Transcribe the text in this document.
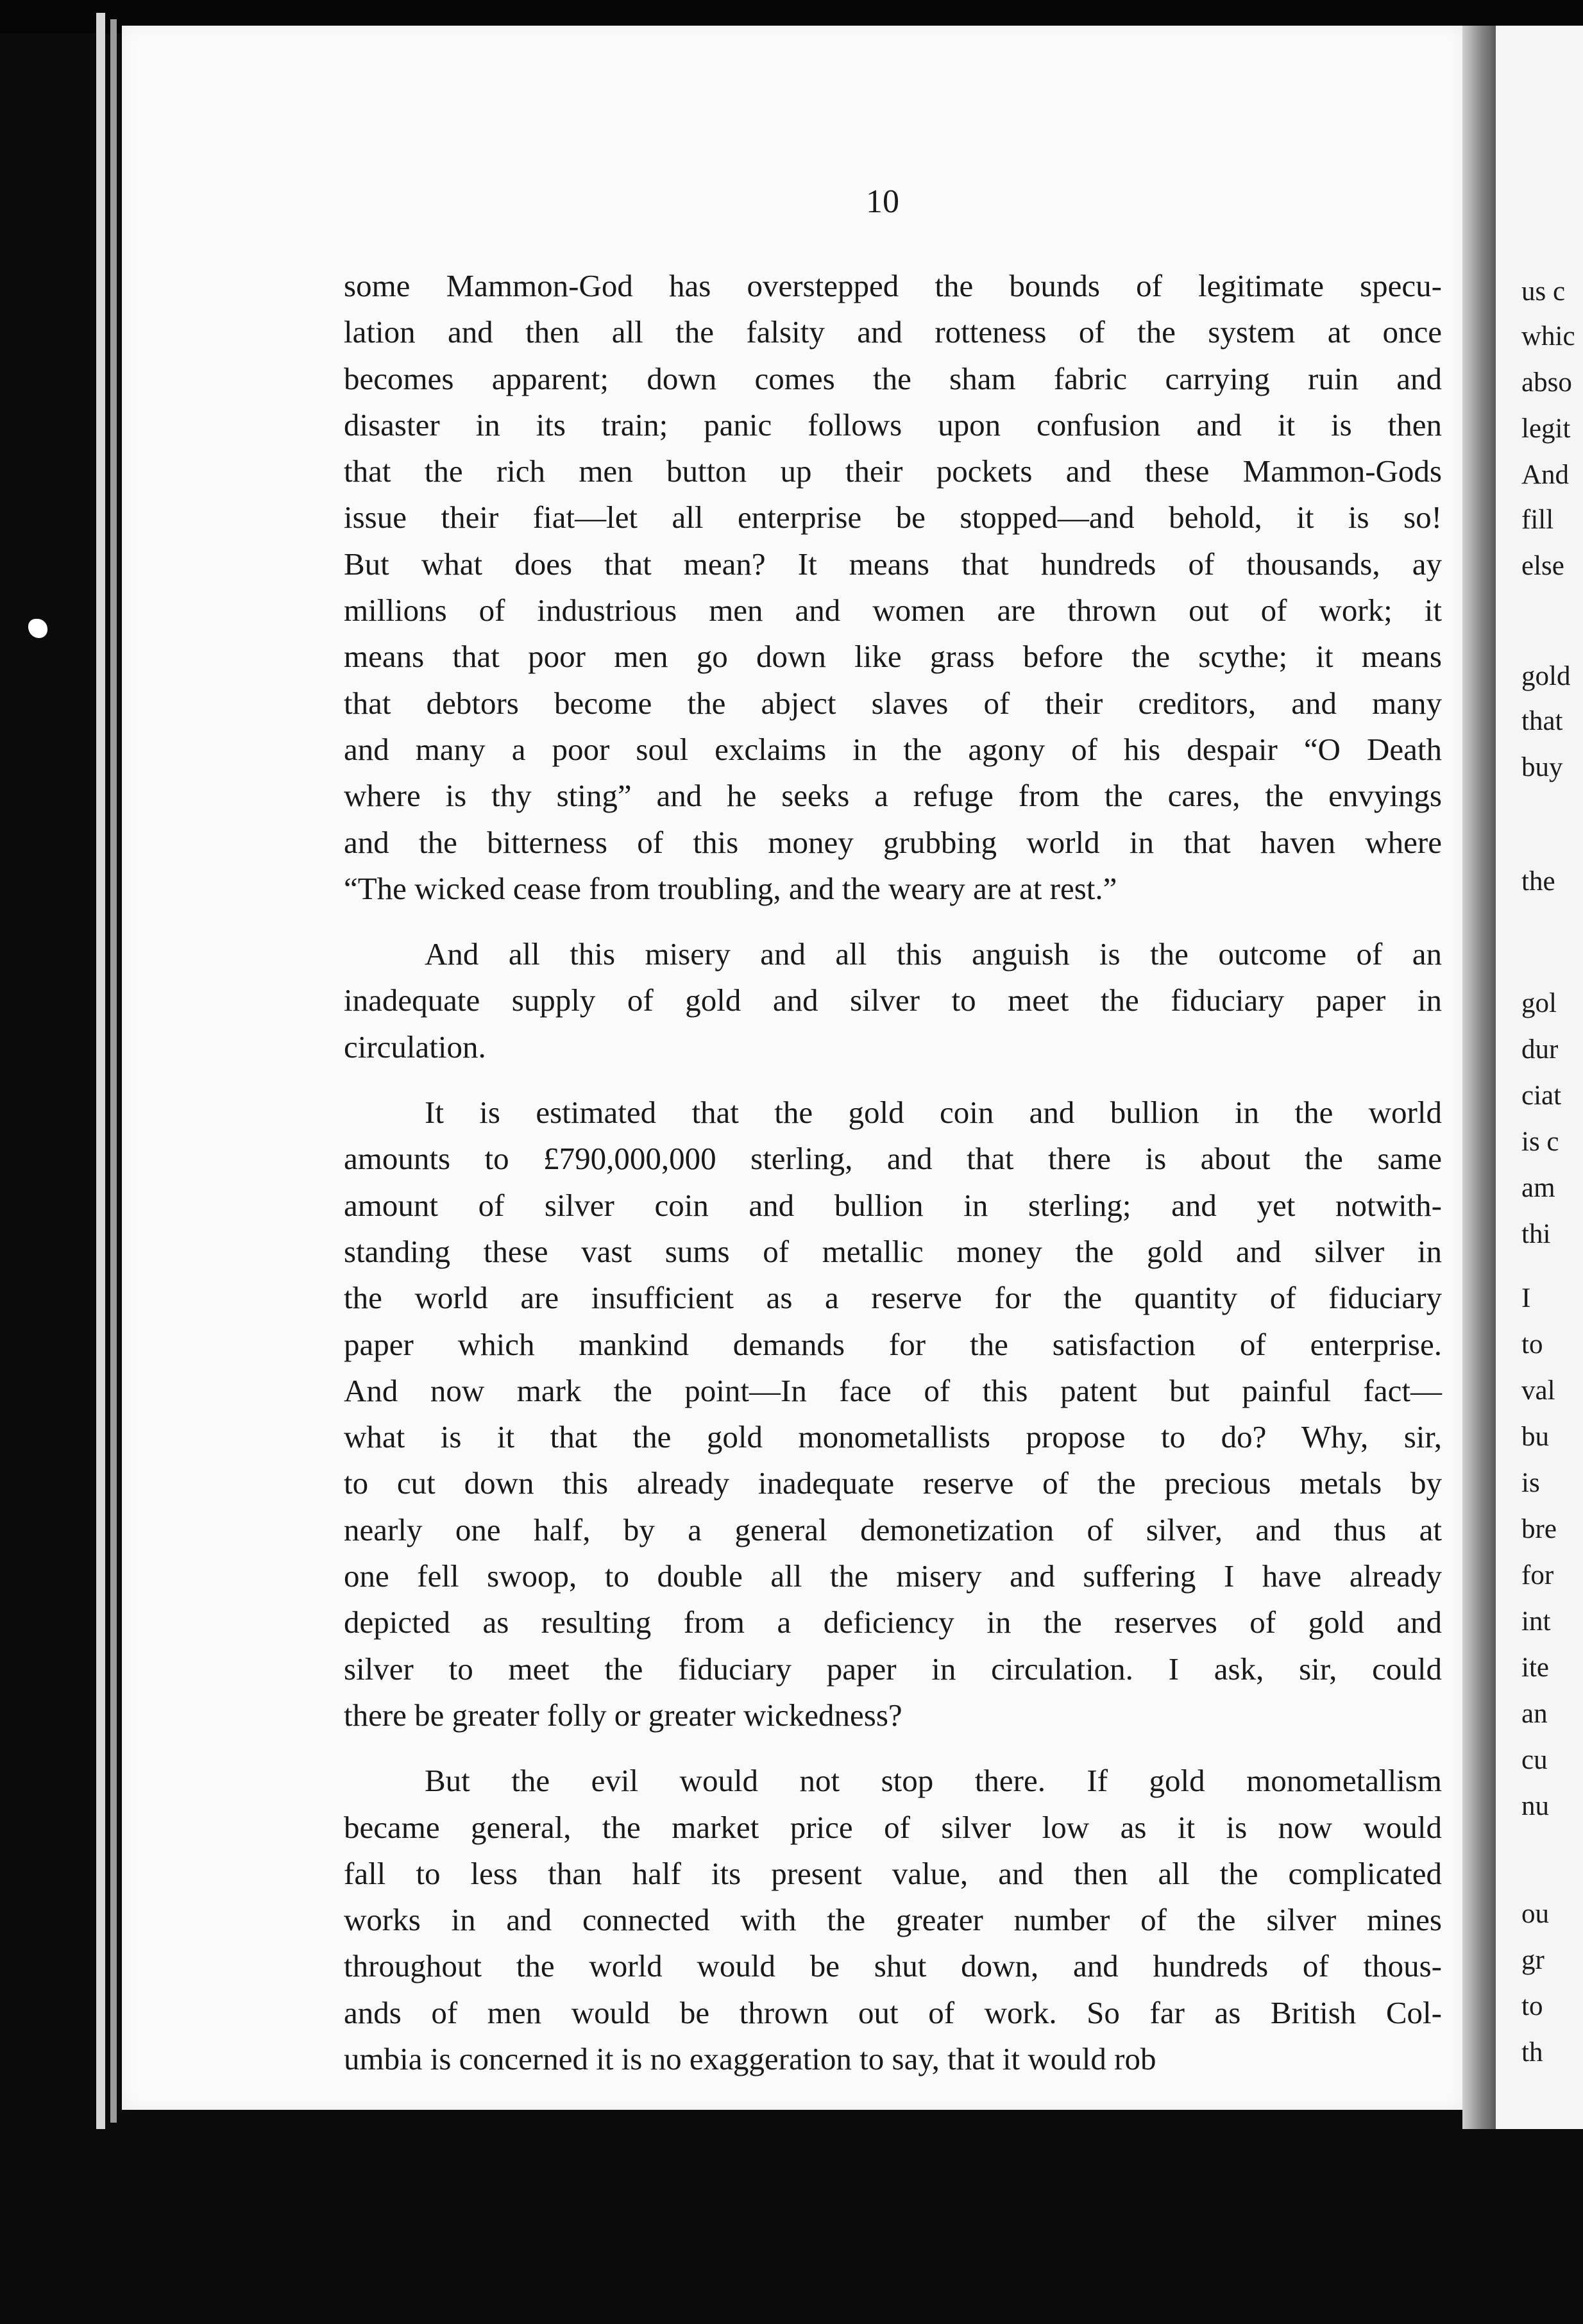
us c
whic
abso
legit
And
fill
else
gold
that
buy
the
gol
dur
ciat
is c
am
thi
I
to
val
bu
is
bre
for
int
ite
an
cu
nu
ou
gr
to
th
10
some Mammon-God has overstepped the bounds of legitimate specu-
lation and then all the falsity and rotteness of the system at once
becomes apparent; down comes the sham fabric carrying ruin and
disaster in its train; panic follows upon confusion and it is then
that the rich men button up their pockets and these Mammon-Gods
issue their fiat—let all enterprise be stopped—and behold, it is so!
But what does that mean? It means that hundreds of thousands, ay
millions of industrious men and women are thrown out of work; it
means that poor men go down like grass before the scythe; it means
that debtors become the abject slaves of their creditors, and many
and many a poor soul exclaims in the agony of his despair “O Death
where is thy sting” and he seeks a refuge from the cares, the envyings
and the bitterness of this money grubbing world in that haven where
“The wicked cease from troubling, and the weary are at rest.”
And all this misery and all this anguish is the outcome of an
inadequate supply of gold and silver to meet the fiduciary paper in
circulation.
It is estimated that the gold coin and bullion in the world
amounts to £790,000,000 sterling, and that there is about the same
amount of silver coin and bullion in sterling; and yet notwith-
standing these vast sums of metallic money the gold and silver in
the world are insufficient as a reserve for the quantity of fiduciary
paper which mankind demands for the satisfaction of enterprise.
And now mark the point—In face of this patent but painful fact—
what is it that the gold monometallists propose to do? Why, sir,
to cut down this already inadequate reserve of the precious metals by
nearly one half, by a general demonetization of silver, and thus at
one fell swoop, to double all the misery and suffering I have already
depicted as resulting from a deficiency in the reserves of gold and
silver to meet the fiduciary paper in circulation. I ask, sir, could
there be greater folly or greater wickedness?
But the evil would not stop there. If gold monometallism
became general, the market price of silver low as it is now would
fall to less than half its present value, and then all the complicated
works in and connected with the greater number of the silver mines
throughout the world would be shut down, and hundreds of thous-
ands of men would be thrown out of work. So far as British Col-
umbia is concerned it is no exaggeration to say, that it would rob
